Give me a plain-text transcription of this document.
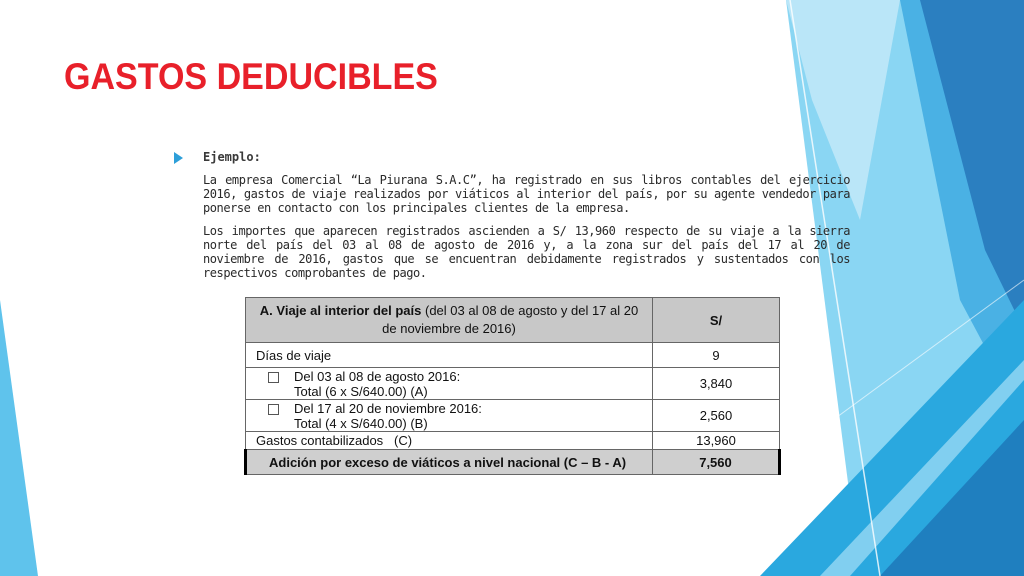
GASTOS DEDUCIBLES
Ejemplo:
La empresa Comercial “La Piurana S.A.C”, ha registrado en sus libros contables del ejercicio 2016, gastos de viaje realizados por viáticos al interior del país, por su agente vendedor para ponerse en contacto con los principales clientes de la empresa.
Los importes que aparecen registrados ascienden a S/ 13,960 respecto de su viaje a la sierra norte del país del 03 al 08 de agosto de 2016 y, a la zona sur del país del 17 al 20 de noviembre de 2016, gastos que se encuentran debidamente registrados y sustentados con los respectivos comprobantes de pago.
A. Viaje al interior del país (del 03 al 08 de agosto y del 17 al 20 de noviembre de 2016)	S/
Días de viaje	9

Del 03 al 08 de agosto 2016:
Total (6 x S/640.00) (A)	3,840

Del 17 al 20 de noviembre 2016:
Total (4 x S/640.00) (B)	2,560
Gastos contabilizados   (C)	13,960
Adición por exceso de viáticos a nivel nacional (C – B - A)	7,560
